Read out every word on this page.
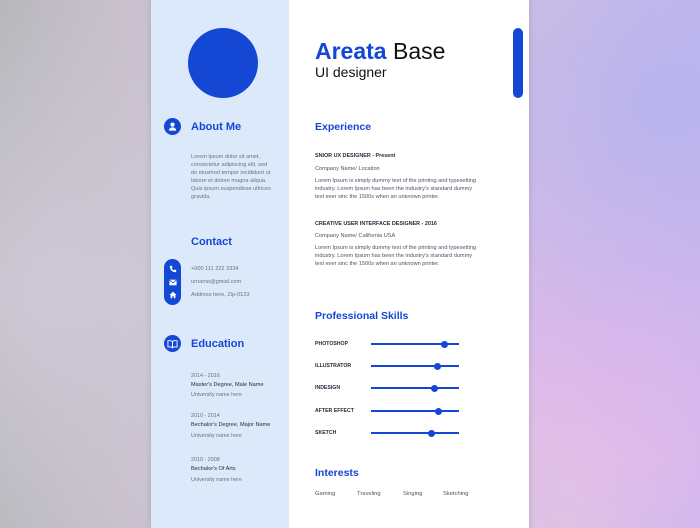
About Me
Lorem ipsum dolor sit amet, consectetur adipiscing elit, sed do eiusmod tempor incididunt ut labore et dolore magna aliqua. Quis ipsum suspendisse ultrices gravida.
Contact
+000 111 222 3334
urname@gmial.com
Address here, Zip-0123
Education
2014 - 2016
Master's Degree, Male Name
University name here
2010 - 2014
Bechalor's Degree, Major Name
University name here
2010 - 2008
Bechalor's Of Arts
University name here
Areata Base
UI designer
Experience
SNIOR UX DESIGNER - Present
Company Name/ Location
Lorem Ipsum is simply dummy text of the printing and typesetting industry. Lorem Ipsum has been the industry's standard dummy text ever sinc the 1500s when an unknown printer.
CREATIVE USER INTERFACE DESIGNER - 2016
Company Name/ California USA
Lorem Ipsum is simply dummy text of the printing and typesetting industry. Lorem Ipsum has been the industry's standard dummy text ever sinc the 1500s when an unknown printer.
Professional Skills
PHOTOSHOP
ILLUSTRATOR
INDESIGN
AFTER EFFECT
SKETCH
Interests
Gaming	Traveling	Singing	Sketching
